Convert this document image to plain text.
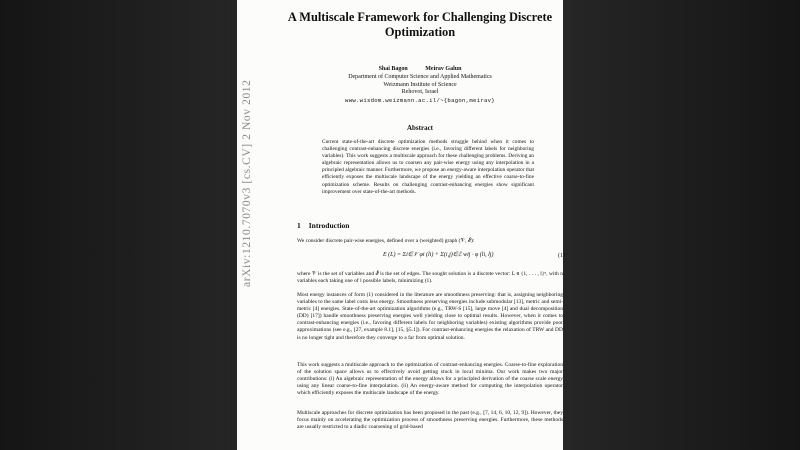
arXiv:1210.7070v3 [cs.CV] 2 Nov 2012
A Multiscale Framework for Challenging Discrete Optimization
Shai Bagon	Meirav Galun
Department of Computer Science and Applied Mathematics
Weizmann Institute of Science
Rehovot, Israel
www.wisdom.weizmann.ac.il/~{bagon,meirav}
Abstract
Current state-of-the-art discrete optimization methods struggle behind when it comes to challenging contrast-enhancing discrete energies (i.e., favoring different labels for neighboring variables). This work suggests a multiscale approach for these challenging problems. Deriving an algebraic representation allows us to coarsen any pair-wise energy using any interpolation in a principled algebraic manner. Furthermore, we propose an energy-aware interpolation operator that efficiently exposes the multiscale landscape of the energy yielding an effective coarse-to-fine optimization scheme. Results on challenging contrast-enhancing energies show significant improvement over state-of-the-art methods.
1 Introduction
We consider discrete pair-wise energies, defined over a (weighted) graph (𝒱, ℰ):
E (L) = Σi∈𝒱 φi (li) + Σ(i,j)∈ℰ wij · φ (li, lj)	(1)
where 𝒱 is the set of variables and ℰ is the set of edges. The sought solution is a discrete vector: L ∈ {1, . . . , l}ⁿ, with n variables each taking one of l possible labels, minimizing (1).
Most energy instances of form (1) considered in the literature are smoothness preserving: that is, assigning neighboring variables to the same label costs less energy. Smoothness preserving energies include submodular [13], metric and semi-metric [4] energies. State-of-the-art optimization algorithms (e.g., TRW-S [15], large move [4] and dual decomposition (DD) [17]) handle smoothness preserving energies well yielding close to optimal results. However, when it comes to contrast-enhancing energies (i.e., favoring different labels for neighboring variables) existing algorithms provide poor approximations (see e.g., [27, example 8.1], [15, §5.1]). For contrast-enhancing energies the relaxation of TRW and DD is no longer tight and therefore they converge to a far from optimal solution.
This work suggests a multiscale approach to the optimization of contrast-enhancing energies. Coarse-to-fine exploration of the solution space allows us to effectively avoid getting stuck in local minima. Our work makes two major contributions: (i) An algebraic representation of the energy allows for a principled derivation of the coarse scale energy using any linear coarse-to-fine interpolation. (ii) An energy-aware method for computing the interpolation operator which efficiently exposes the multiscale landscape of the energy.
Multiscale approaches for discrete optimization has been proposed in the past (e.g., [7, 14, 6, 10, 12, 9]). However, they focus mainly on accelerating the optimization process of smoothness preserving energies. Furthermore, these methods are usually restricted to a diadic coarsening of grid-based
